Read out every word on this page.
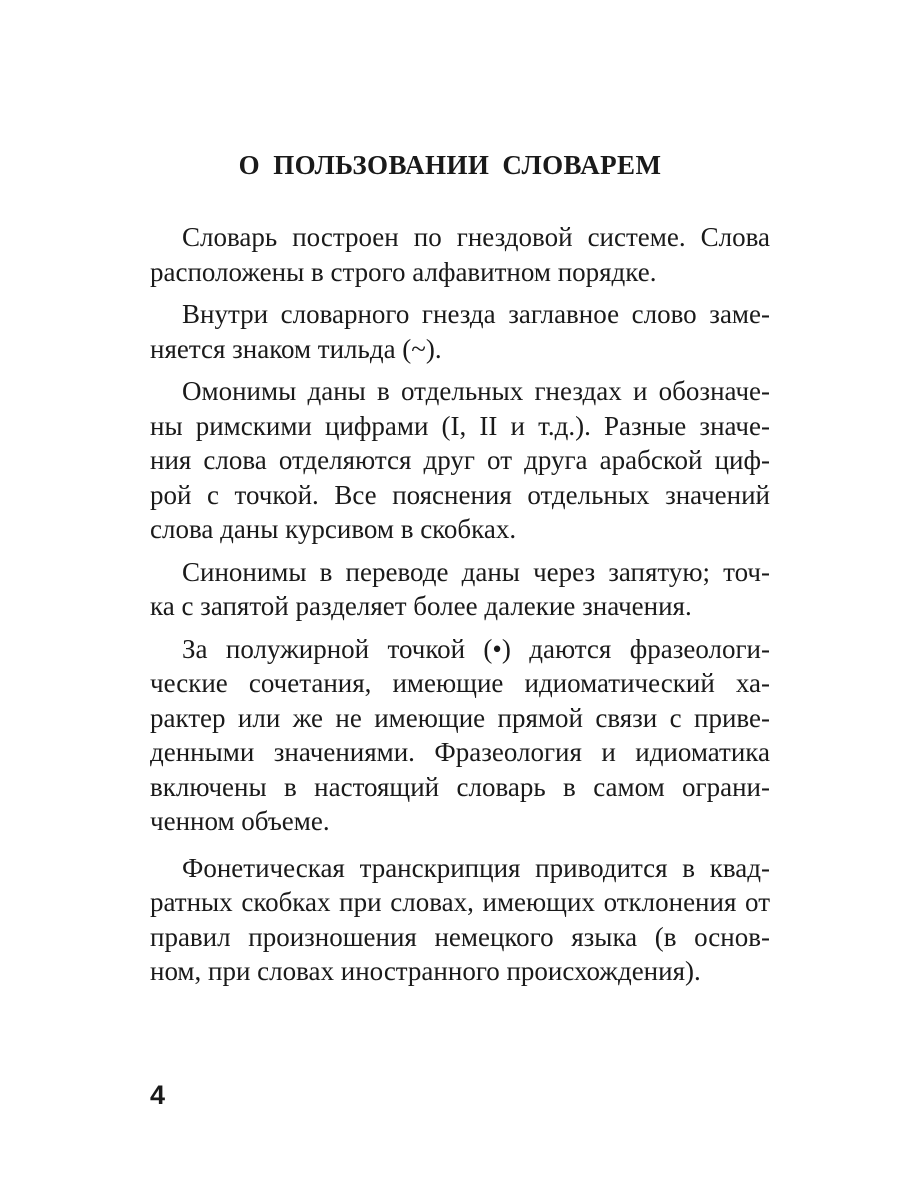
О ПОЛЬЗОВАНИИ СЛОВАРЕМ
Словарь построен по гнездовой системе. Слова
расположены в строго алфавитном порядке.
Внутри словарного гнезда заглавное слово заме-
няется знаком тильда (~).
Омонимы даны в отдельных гнездах и обозначе-
ны римскими цифрами (I, II и т.д.). Разные значе-
ния слова отделяются друг от друга арабской циф-
рой с точкой. Все пояснения отдельных значений
слова даны курсивом в скобках.
Синонимы в переводе даны через запятую; точ-
ка с запятой разделяет более далекие значения.
За полужирной точкой (•) даются фразеологи-
ческие сочетания, имеющие идиоматический ха-
рактер или же не имеющие прямой связи с приве-
денными значениями. Фразеология и идиоматика
включены в настоящий словарь в самом ограни-
ченном объеме.
Фонетическая транскрипция приводится в квад-
ратных скобках при словах, имеющих отклонения от
правил произношения немецкого языка (в основ-
ном, при словах иностранного происхождения).
4
